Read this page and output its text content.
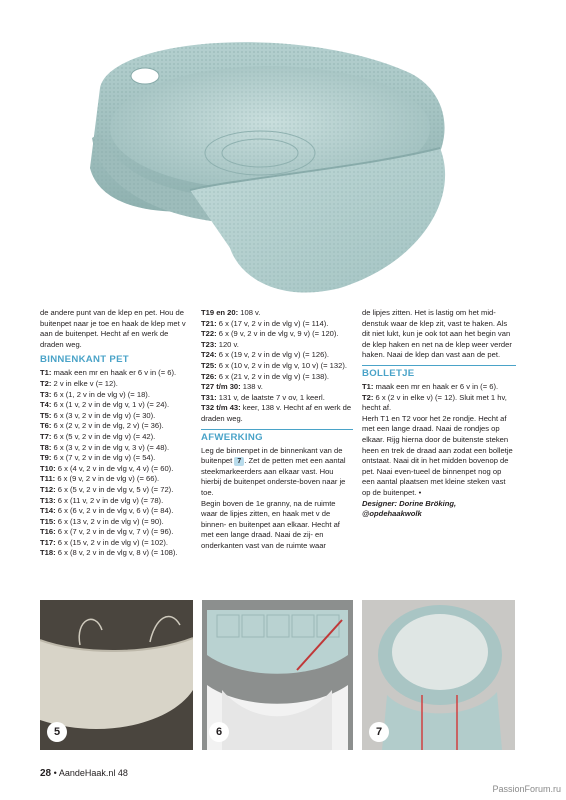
de andere punt van de klep en pet. Hou de buitenpet naar je toe en haak de klep met v aan de buitenpet. Hecht af en werk de draden weg.

BINNENKANT PET

T1: maak een mr en haak er 6 v in (= 6).

T2: 2 v in elke v (= 12).

T3: 6 x (1, 2 v in de vlg v) (= 18).

T4: 6 x (1 v, 2 v in de vlg v, 1 v) (= 24).

T5: 6 x (3 v, 2 v in de vlg v) (= 30).

T6: 6 x (2 v, 2 v in de vlg, 2 v) (= 36).

T7: 6 x (5 v, 2 v in de vlg v) (= 42).

T8: 6 x (3 v, 2 v in de vlg v, 3 v) (= 48).

T9: 6 x (7 v, 2 v in de vlg v) (= 54).

T10: 6 x (4 v, 2 v in de vlg v, 4 v) (= 60).

T11: 6 x (9 v, 2 v in de vlg v) (= 66).

T12: 6 x (5 v, 2 v in de vlg v, 5 v) (= 72).

T13: 6 x (11 v, 2 v in de vlg v) (= 78).

T14: 6 x (6 v, 2 v in de vlg v, 6 v) (= 84).

T15: 6 x (13 v, 2 v in de vlg v) (= 90).

T16: 6 x (7 v, 2 v in de vlg v, 7 v) (= 96).

T17: 6 x (15 v, 2 v in de vlg v) (= 102).

T18: 6 x (8 v, 2 v in de vlg v, 8 v) (= 108).

T19 en 20: 108 v.

T21: 6 x (17 v, 2 v in de vlg v) (= 114).

T22: 6 x (9 v, 2 v in de vlg v, 9 v) (= 120).

T23: 120 v.

T24: 6 x (19 v, 2 v in de vlg v) (= 126).

T25: 6 x (10 v, 2 v in de vlg v, 10 v) (= 132).

T26: 6 x (21 v, 2 v in de vlg v) (= 138).

T27 t/m 30: 138 v.

T31: 131 v, de laatste 7 v ov, 1 keerl.

T32 t/m 43: keer, 138 v. Hecht af en werk de draden weg.

AFWERKING

Leg de binnenpet in de binnenkant van de buitenpet 7 . Zet de petten met een aantal steekmarkeerders aan elkaar vast. Hou hierbij de buitenpet onderste-boven naar je toe.

Begin boven de 1e granny, na de ruimte waar de lipjes zitten, en haak met v de binnen- en buitenpet aan elkaar. Hecht af met een lange draad. Naai de zij- en onderkanten vast van de ruimte waar

de lipjes zitten. Het is lastig om het mid-denstuk waar de klep zit, vast te haken. Als dit niet lukt, kun je ook tot aan het begin van de klep haken en net na de klep weer verder haken. Naai de klep dan vast aan de pet.

BOLLETJE

T1: maak een mr en haak er 6 v in (= 6).

T2: 6 x (2 v in elke v) (= 12). Sluit met 1 hv, hecht af.

Herh T1 en T2 voor het 2e rondje. Hecht af met een lange draad. Naai de rondjes op elkaar. Rijg hierna door de buitenste steken heen en trek de draad aan zodat een bolletje ontstaat. Naai dit in het midden bovenop de pet. Naai even-tueel de binnenpet nog op een aantal plaatsen met kleine steken vast op de buitenpet. •

Designer: Dorine Bröking,

@opdehaakwolk

5	6	7
28 • AandeHaak.nl 48
PassionForum.ru
